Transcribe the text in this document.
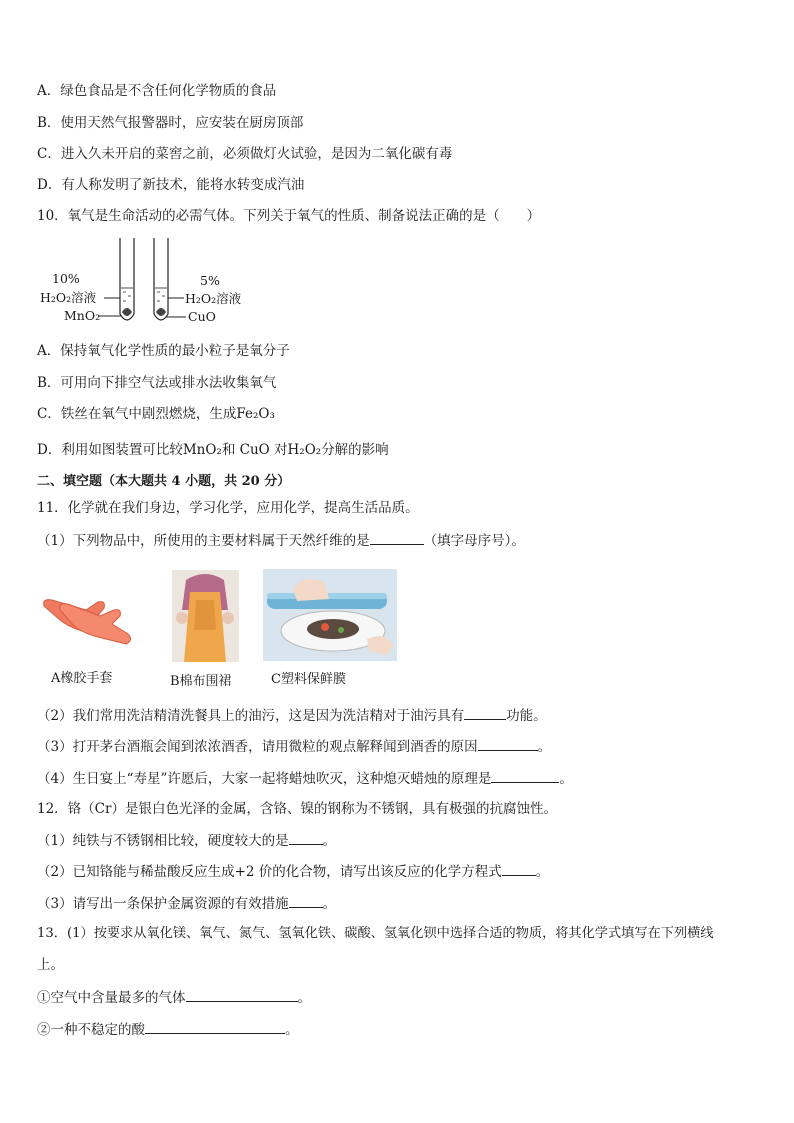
A．绿色食品是不含任何化学物质的食品
B．使用天然气报警器时，应安装在厨房顶部
C．进入久未开启的菜窖之前，必须做灯火试验，是因为二氧化碳有毒
D．有人称发明了新技术，能将水转变成汽油
10．氧气是生命活动的必需气体。下列关于氧气的性质、制备说法正确的是（　　）
10%
H₂O₂溶液
MnO₂
5%
H₂O₂溶液
CuO
A．保持氧气化学性质的最小粒子是氧分子
B．可用向下排空气法或排水法收集氧气
C．铁丝在氧气中剧烈燃烧，生成Fe₂O₃
D．利用如图装置可比较MnO₂和 CuO 对H₂O₂分解的影响
二、填空题（本大题共 4 小题，共 20 分）
11．化学就在我们身边，学习化学，应用化学，提高生活品质。
（1）下列物品中，所使用的主要材料属于天然纤维的是	（填字母序号）。
A橡胶手套	B棉布围裙	C塑料保鲜膜
（2）我们常用洗洁精清洗餐具上的油污，这是因为洗洁精对于油污具有	功能。
（3）打开茅台酒瓶会闻到浓浓酒香，请用微粒的观点解释闻到酒香的原因	。
（4）生日宴上“寿星”许愿后，大家一起将蜡烛吹灭，这种熄灭蜡烛的原理是	。
12．铬（Cr）是银白色光泽的金属，含铬、镍的钢称为不锈钢，具有极强的抗腐蚀性。
（1）纯铁与不锈钢相比较，硬度较大的是	。
（2）已知铬能与稀盐酸反应生成+2 价的化合物，请写出该反应的化学方程式	。
（3）请写出一条保护金属资源的有效措施	。
13．(1）按要求从氧化镁、氧气、氮气、氢氧化铁、碳酸、氢氧化钡中选择合适的物质，将其化学式填写在下列横线
上。
①空气中含量最多的气体	。
②一种不稳定的酸	。
